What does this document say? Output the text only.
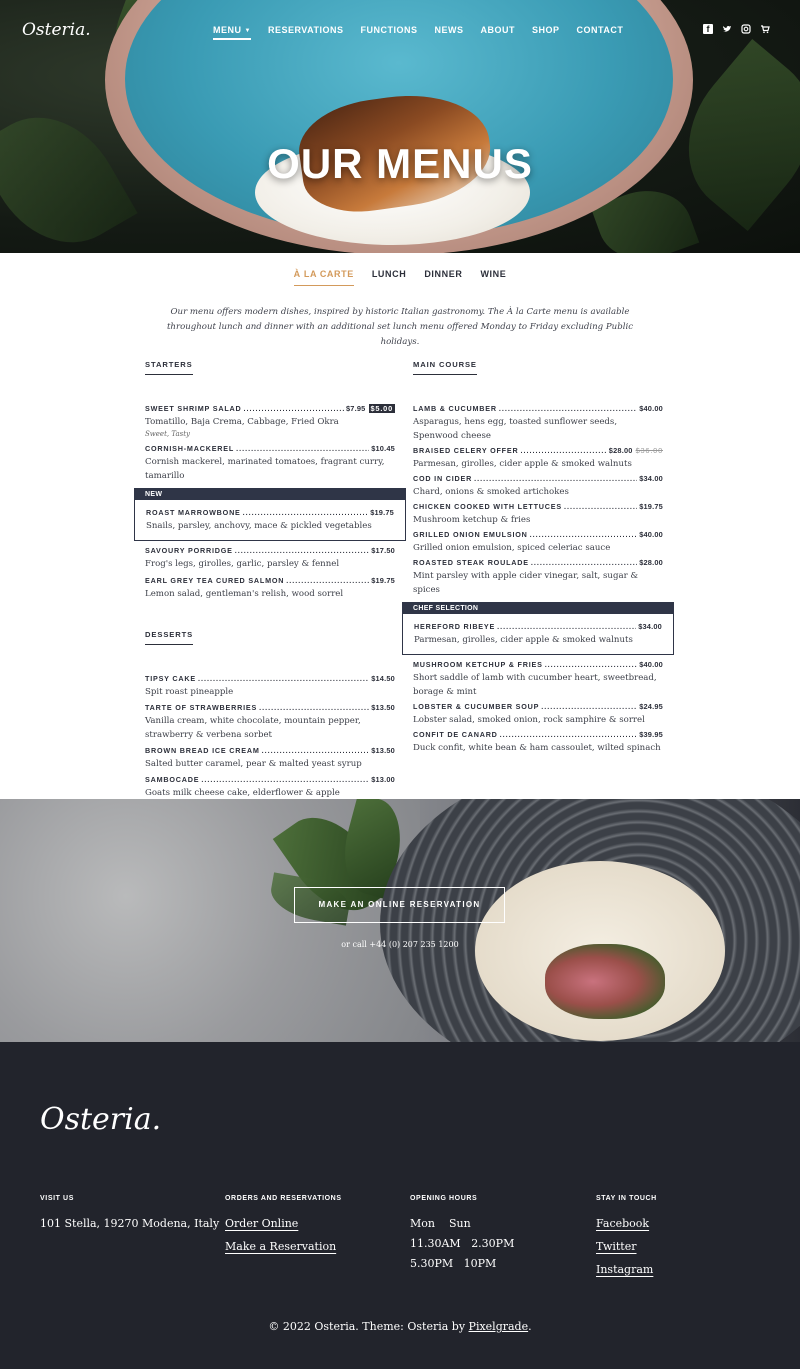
OUR MENUS
Osteria.	MENU ▼ RESERVATIONS FUNCTIONS NEWS ABOUT SHOP CONTACT	f
À LA CARTE LUNCH DINNER WINE
Our menu offers modern dishes, inspired by historic Italian gastronomy. The À la Carte menu is available throughout lunch and dinner with an additional set lunch menu offered Monday to Friday excluding Public holidays.
STARTERS
SWEET SHRIMP SALAD .....	$7.95 $5.00
Tomatillo, Baja Crema, Cabbage, Fried Okra
Sweet, Tasty
CORNISH-MACKEREL .....	$10.45
Cornish mackerel, marinated tomatoes, fragrant curry, tamarillo
NEW
ROAST MARROWBONE .....	$19.75
Snails, parsley, anchovy, mace & pickled vegetables
SAVOURY PORRIDGE .....	$17.50
Frog's legs, girolles, garlic, parsley & fennel
EARL GREY TEA CURED SALMON .....	$19.75
Lemon salad, gentleman's relish, wood sorrel
DESSERTS
TIPSY CAKE .....	$14.50
Spit roast pineapple
TARTE OF STRAWBERRIES .....	$13.50
Vanilla cream, white chocolate, mountain pepper, strawberry & verbena sorbet
BROWN BREAD ICE CREAM .....	$13.50
Salted butter caramel, pear & malted yeast syrup
SAMBOCADE .....	$13.00
Goats milk cheese cake, elderflower & apple
MAIN COURSE
LAMB & CUCUMBER .....	$40.00
Asparagus, hens egg, toasted sunflower seeds, Spenwood cheese
BRAISED CELERY OFFER .....	$28.00 $36.00
Parmesan, girolles, cider apple & smoked walnuts
COD IN CIDER .....	$34.00
Chard, onions & smoked artichokes
CHICKEN COOKED WITH LETTUCES .....	$19.75
Mushroom ketchup & fries
GRILLED ONION EMULSION .....	$40.00
Grilled onion emulsion, spiced celeriac sauce
ROASTED STEAK ROULADE .....	$28.00
Mint parsley with apple cider vinegar, salt, sugar & spices
CHEF SELECTION
HEREFORD RIBEYE .....	$34.00
Parmesan, girolles, cider apple & smoked walnuts
MUSHROOM KETCHUP & FRIES .....	$40.00
Short saddle of lamb with cucumber heart, sweetbread, borage & mint
LOBSTER & CUCUMBER SOUP .....	$24.95
Lobster salad, smoked onion, rock samphire & sorrel
CONFIT DE CANARD .....	$39.95
Duck confit, white bean & ham cassoulet, wilted spinach
MAKE AN ONLINE RESERVATION
or call +44 (0) 207 235 1200
Osteria.
VISIT US
101 Stella, 19270 Modena, Italy
ORDERS AND RESERVATIONS
Order Online
Make a Reservation
OPENING HOURS
Mon    Sun
11.30AM   2.30PM
5.30PM   10PM
STAY IN TOUCH
Facebook
Twitter
Instagram
© 2022 Osteria. Theme: Osteria by Pixelgrade.
